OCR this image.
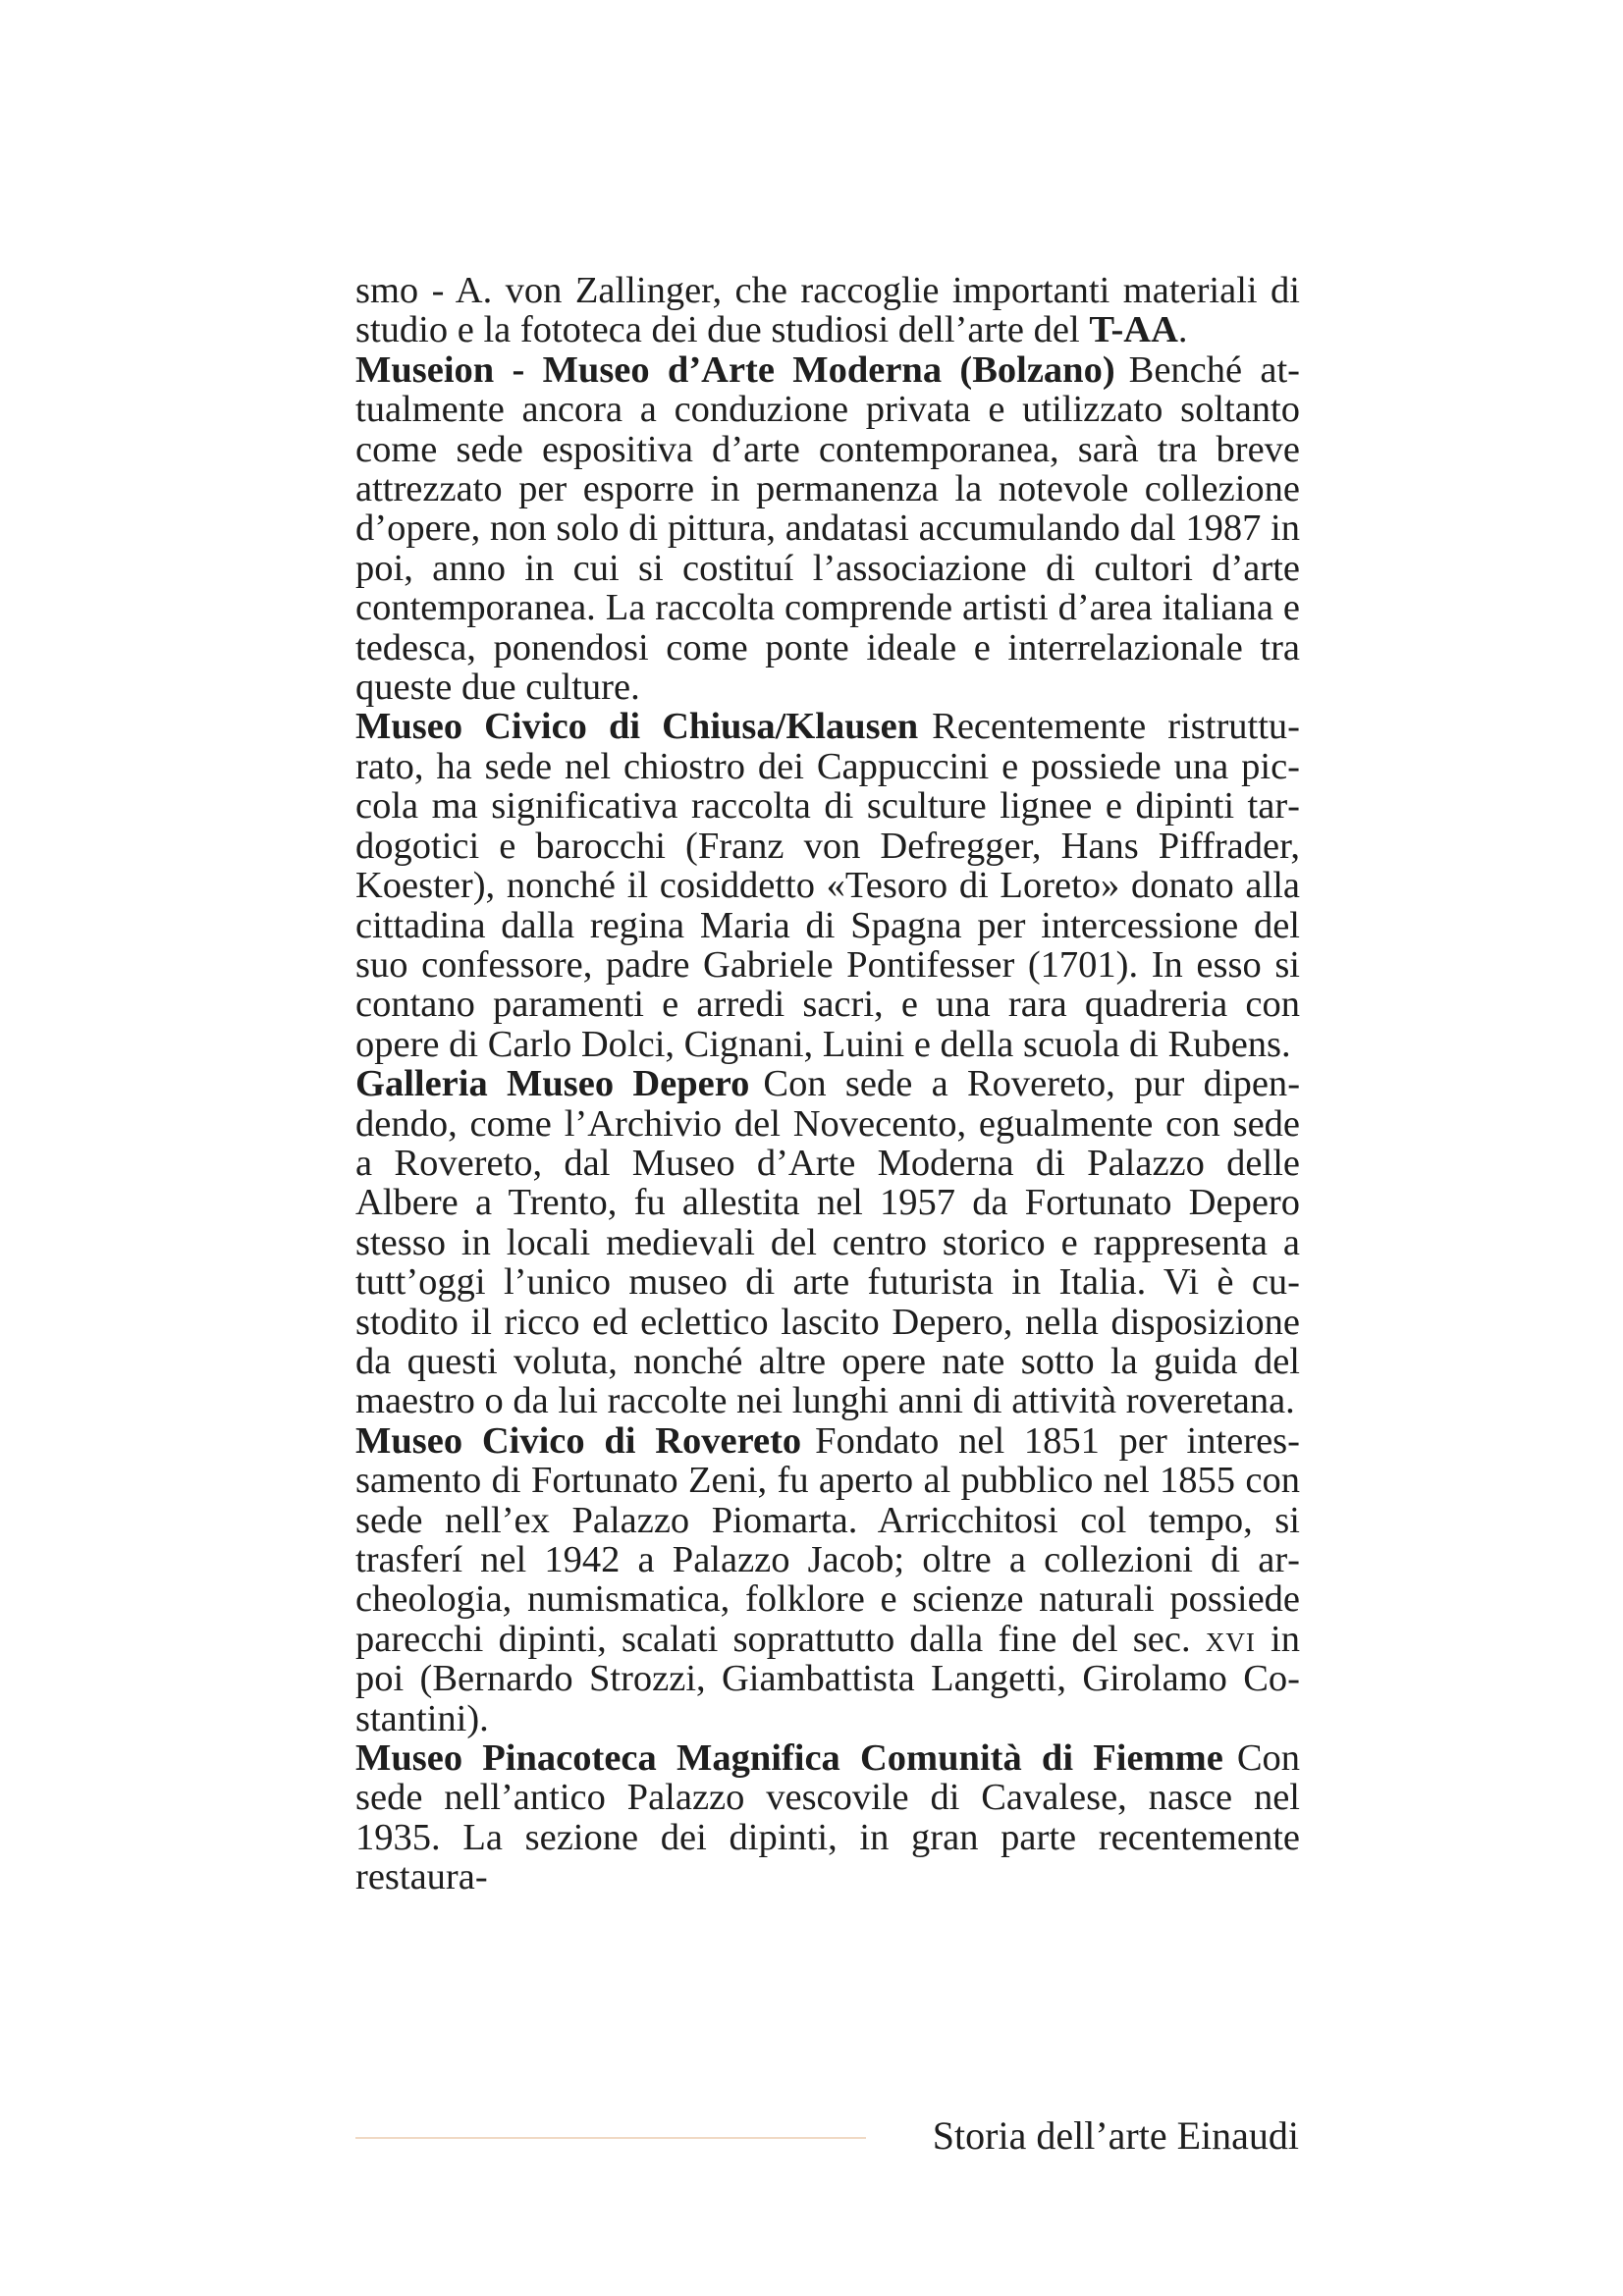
smo - A. von Zallinger, che raccoglie importanti materiali di studio e la fototeca dei due studiosi dell’arte del T-AA.

Museion - Museo d’Arte Moderna (Bolzano) Benché attualmente ancora a conduzione privata e utilizzato soltanto come sede espositiva d’arte contemporanea, sarà tra breve attrezzato per esporre in permanenza la notevole collezione d’opere, non solo di pittura, andatasi accumulando dal 1987 in poi, anno in cui si costituí l’associazione di cultori d’arte contemporanea. La raccolta comprende artisti d’area italiana e tedesca, ponendosi come ponte ideale e interrelazionale tra queste due culture.

Museo Civico di Chiusa/Klausen Recentemente ristrutturato, ha sede nel chiostro dei Cappuccini e possiede una piccola ma significativa raccolta di sculture lignee e dipinti tardogotici e barocchi (Franz von Defregger, Hans Piffrader, Koester), nonché il cosiddetto «Tesoro di Loreto» donato alla cittadina dalla regina Maria di Spagna per intercessione del suo confessore, padre Gabriele Pontifesser (1701). In esso si contano paramenti e arredi sacri, e una rara quadreria con opere di Carlo Dolci, Cignani, Luini e della scuola di Rubens.

Galleria Museo Depero Con sede a Rovereto, pur dipendendo, come l’Archivio del Novecento, egualmente con sede a Rovereto, dal Museo d’Arte Moderna di Palazzo delle Albere a Trento, fu allestita nel 1957 da Fortunato Depero stesso in locali medievali del centro storico e rappresenta a tutt’oggi l’unico museo di arte futurista in Italia. Vi è custodito il ricco ed eclettico lascito Depero, nella disposizione da questi voluta, nonché altre opere nate sotto la guida del maestro o da lui raccolte nei lunghi anni di attività roveretana.

Museo Civico di Rovereto Fondato nel 1851 per interessamento di Fortunato Zeni, fu aperto al pubblico nel 1855 con sede nell’ex Palazzo Piomarta. Arricchitosi col tempo, si trasferí nel 1942 a Palazzo Jacob; oltre a collezioni di archeologia, numismatica, folklore e scienze naturali possiede parecchi dipinti, scalati soprattutto dalla fine del sec. xvi in poi (Bernardo Strozzi, Giambattista Langetti, Girolamo Costantini).

Museo Pinacoteca Magnifica Comunità di Fiemme Con sede nell’antico Palazzo vescovile di Cavalese, nasce nel 1935. La sezione dei dipinti, in gran parte recentemente restaura-

Storia dell’arte Einaudi
